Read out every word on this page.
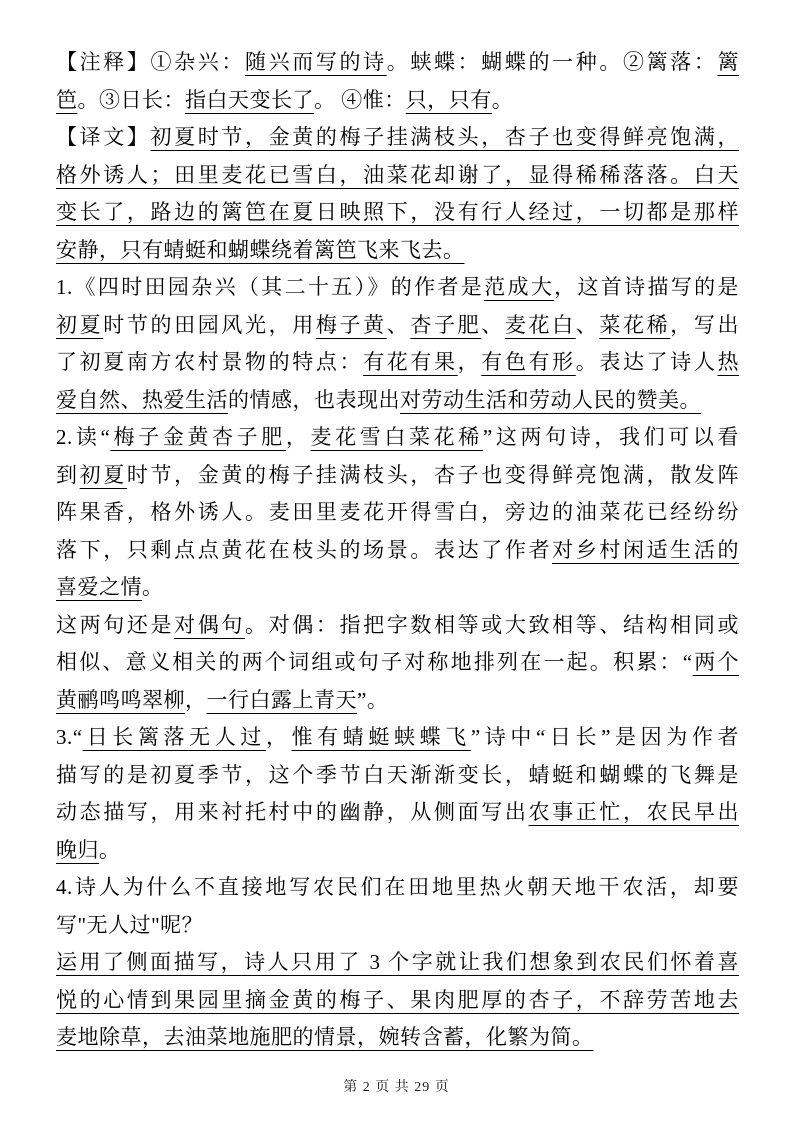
【注释】①杂兴：随兴而写的诗。蛱蝶：蝴蝶的一种。②篱落：篱
笆。③日长：指白天变长了。 ④惟：只，只有。
【译文】初夏时节，金黄的梅子挂满枝头，杏子也变得鲜亮饱满，
格外诱人；田里麦花已雪白，油菜花却谢了，显得稀稀落落。白天
变长了，路边的篱笆在夏日映照下，没有行人经过，一切都是那样
安静，只有蜻蜓和蝴蝶绕着篱笆飞来飞去。
1.《四时田园杂兴（其二十五）》的作者是范成大，这首诗描写的是
初夏时节的田园风光，用梅子黄、杏子肥、麦花白、菜花稀，写出
了初夏南方农村景物的特点：有花有果，有色有形。表达了诗人热
爱自然、热爱生活的情感，也表现出对劳动生活和劳动人民的赞美。
2.读“梅子金黄杏子肥，麦花雪白菜花稀”这两句诗，我们可以看
到初夏时节，金黄的梅子挂满枝头，杏子也变得鲜亮饱满，散发阵
阵果香，格外诱人。麦田里麦花开得雪白，旁边的油菜花已经纷纷
落下，只剩点点黄花在枝头的场景。表达了作者对乡村闲适生活的
喜爱之情。
这两句还是对偶句。对偶：指把字数相等或大致相等、结构相同或
相似、意义相关的两个词组或句子对称地排列在一起。积累：“两个
黄鹂鸣鸣翠柳，一行白露上青天”。
3.“日长篱落无人过，惟有蜻蜓蛱蝶飞”诗中“日长”是因为作者
描写的是初夏季节，这个季节白天渐渐变长，蜻蜓和蝴蝶的飞舞是
动态描写，用来衬托村中的幽静，从侧面写出农事正忙，农民早出
晚归。
4.诗人为什么不直接地写农民们在田地里热火朝天地干农活，却要
写"无人过"呢？
运用了侧面描写，诗人只用了 3 个字就让我们想象到农民们怀着喜
悦的心情到果园里摘金黄的梅子、果肉肥厚的杏子，不辞劳苦地去
麦地除草，去油菜地施肥的情景，婉转含蓄，化繁为简。
第 2 页 共 29 页
